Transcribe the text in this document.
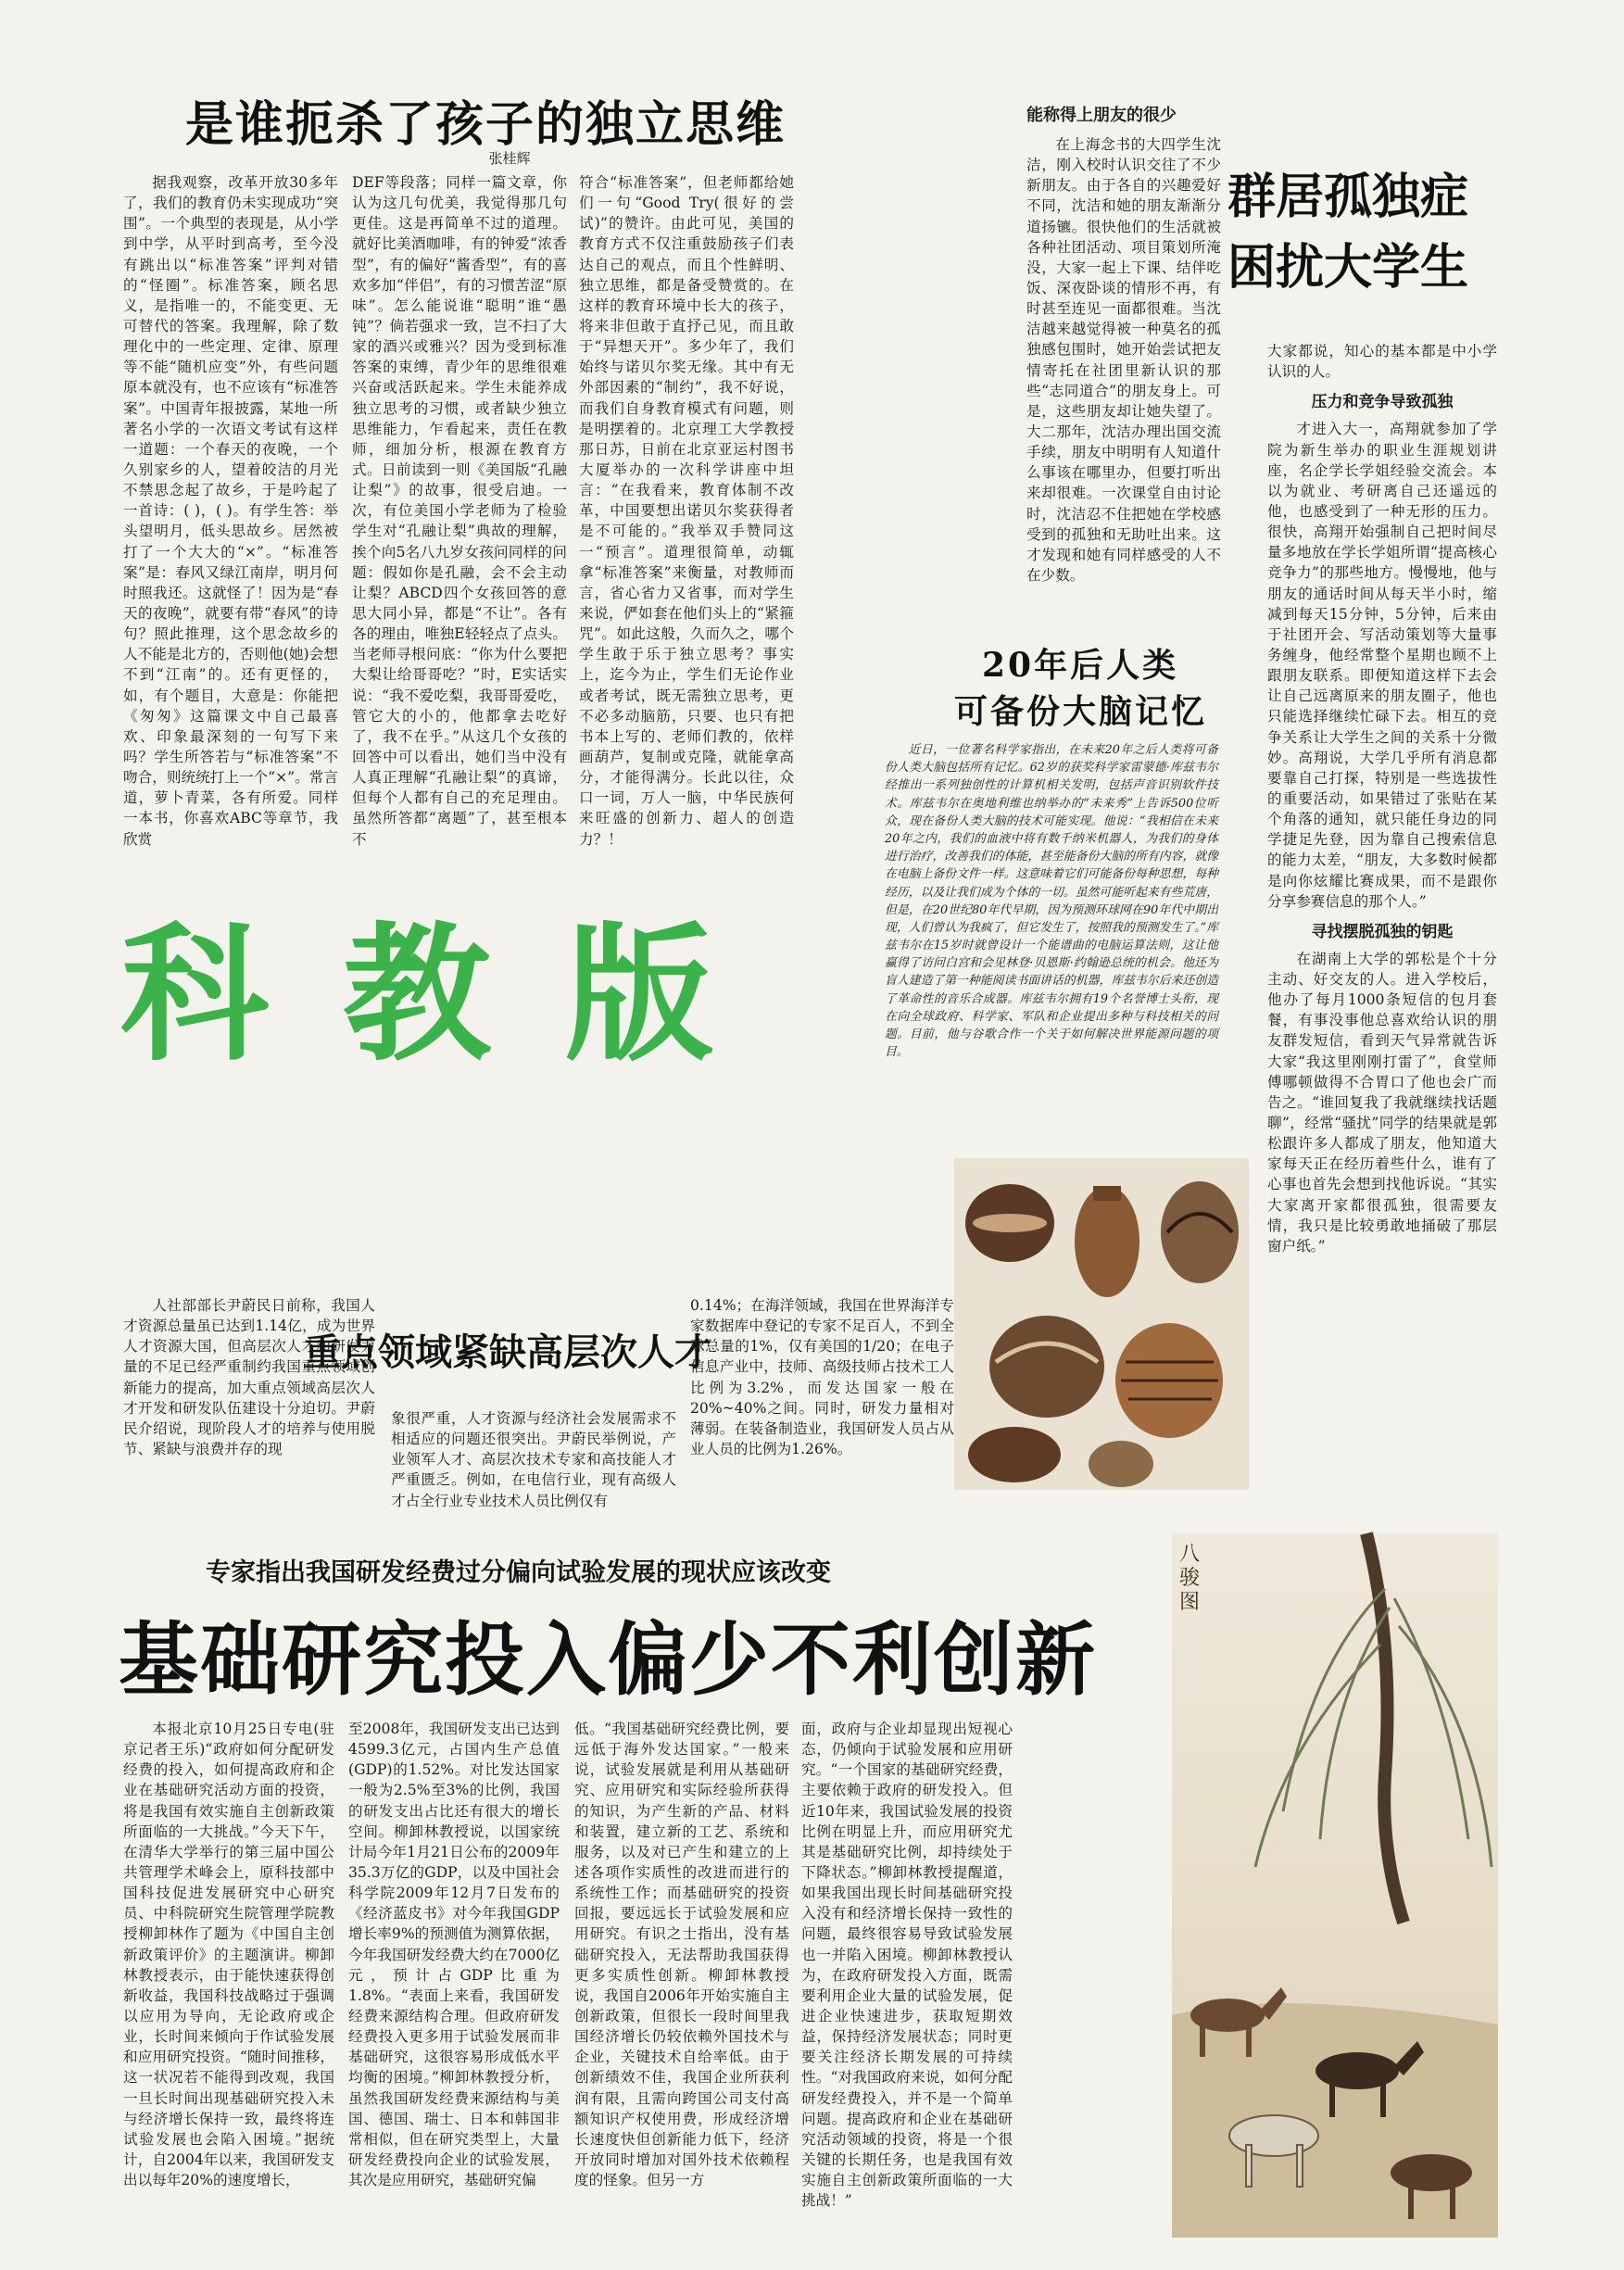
是谁扼杀了孩子的独立思维
张桂辉

据我观察，改革开放30多年了，我们的教育仍未实现成功“突围”。一个典型的表现是，从小学到中学，从平时到高考，至今没有跳出以“标准答案”评判对错的“怪圈”。标准答案，顾名思义，是指唯一的，不能变更、无可替代的答案。我理解，除了数理化中的一些定理、定律、原理等不能“随机应变”外，有些问题原本就没有，也不应该有“标准答案”。中国青年报披露，某地一所著名小学的一次语文考试有这样一道题：一个春天的夜晚，一个久别家乡的人，望着皎洁的月光不禁思念起了故乡，于是吟起了一首诗：( )，( )。有学生答：举头望明月，低头思故乡。居然被打了一个大大的“×”。“标准答案”是：春风又绿江南岸，明月何时照我还。这就怪了！因为是“春天的夜晚”，就要有带“春风”的诗句？照此推理，这个思念故乡的人不能是北方的，否则他(她)会想不到“江南”的。还有更怪的，如，有个题目，大意是：你能把《匆匆》这篇课文中自己最喜欢、印象最深刻的一句写下来吗？学生所答若与“标准答案”不吻合，则统统打上一个“×”。常言道，萝卜青菜，各有所爱。同样一本书，你喜欢ABC等章节，我欣赏

DEF等段落；同样一篇文章，你认为这几句优美，我觉得那几句更佳。这是再简单不过的道理。就好比美酒咖啡，有的钟爱“浓香型”，有的偏好“酱香型”，有的喜欢多加“伴侣”，有的习惯苦涩“原味”。怎么能说谁“聪明”谁“愚钝”？倘若强求一致，岂不扫了大家的酒兴或雅兴？因为受到标准答案的束缚，青少年的思维很难兴奋或活跃起来。学生未能养成独立思考的习惯，或者缺少独立思维能力，乍看起来，责任在教师，细加分析，根源在教育方式。日前读到一则《美国版“孔融让梨”》的故事，很受启迪。一次，有位美国小学老师为了检验学生对“孔融让梨”典故的理解，挨个向5名八九岁女孩问同样的问题：假如你是孔融，会不会主动让梨？ABCD四个女孩回答的意思大同小异，都是“不让”。各有各的理由，唯独E轻轻点了点头。当老师寻根问底：“你为什么要把大梨让给哥哥吃？”时，E实话实说：“我不爱吃梨，我哥哥爱吃，管它大的小的，他都拿去吃好了，我不在乎。”从这几个女孩的回答中可以看出，她们当中没有人真正理解“孔融让梨”的真谛，但每个人都有自己的充足理由。虽然所答都“离题”了，甚至根本不

符合“标准答案”，但老师都给她们一句“Good Try(很好的尝试)”的赞许。由此可见，美国的教育方式不仅注重鼓励孩子们表达自己的观点，而且个性鲜明、独立思维，都是备受赞赏的。在这样的教育环境中长大的孩子，将来非但敢于直抒己见，而且敢于“异想天开”。多少年了，我们始终与诺贝尔奖无缘。其中有无外部因素的“制约”，我不好说，而我们自身教育模式有问题，则是明摆着的。北京理工大学教授那日苏，日前在北京亚运村图书大厦举办的一次科学讲座中坦言：“在我看来，教育体制不改革，中国要想出诺贝尔奖获得者是不可能的。”我举双手赞同这一“预言”。道理很简单，动辄拿“标准答案”来衡量，对教师而言，省心省力又省事，而对学生来说，俨如套在他们头上的“紧箍咒”。如此这般，久而久之，哪个学生敢于乐于独立思考？事实上，迄今为止，学生们无论作业或者考试，既无需独立思考，更不必多动脑筋，只要、也只有把书本上写的、老师们教的，依样画葫芦，复制或克隆，就能拿高分，才能得满分。长此以往，众口一词，万人一脑，中华民族何来旺盛的创新力、超人的创造力？！

能称得上朋友的很少
群居孤独症
困扰大学生

在上海念书的大四学生沈洁，刚入校时认识交往了不少新朋友。由于各自的兴趣爱好不同，沈洁和她的朋友渐渐分道扬镳。很快他们的生活就被各种社团活动、项目策划所淹没，大家一起上下课、结伴吃饭、深夜卧谈的情形不再，有时甚至连见一面都很难。当沈洁越来越觉得被一种莫名的孤独感包围时，她开始尝试把友情寄托在社团里新认识的那些“志同道合”的朋友身上。可是，这些朋友却让她失望了。大二那年，沈洁办理出国交流手续，朋友中明明有人知道什么事该在哪里办，但要打听出来却很难。一次课堂自由讨论时，沈洁忍不住把她在学校感受到的孤独和无助吐出来。这才发现和她有同样感受的人不在少数。

大家都说，知心的基本都是中小学认识的人。

压力和竞争导致孤独

才进入大一，高翔就参加了学院为新生举办的职业生涯规划讲座，名企学长学姐经验交流会。本以为就业、考研离自己还遥远的他，也感受到了一种无形的压力。很快，高翔开始强制自己把时间尽量多地放在学长学姐所谓“提高核心竞争力”的那些地方。慢慢地，他与朋友的通话时间从每天半小时，缩减到每天15分钟，5分钟，后来由于社团开会、写活动策划等大量事务缠身，他经常整个星期也顾不上跟朋友联系。即便知道这样下去会让自己远离原来的朋友圈子，他也只能选择继续忙碌下去。相互的竞争关系让大学生之间的关系十分微妙。高翔说，大学几乎所有消息都要靠自己打探，特别是一些选拔性的重要活动，如果错过了张贴在某个角落的通知，就只能任身边的同学捷足先登，因为靠自己搜索信息的能力太差，“朋友，大多数时候都是向你炫耀比赛成果，而不是跟你分享参赛信息的那个人。”

寻找摆脱孤独的钥匙

在湖南上大学的郭松是个十分主动、好交友的人。进入学校后，他办了每月1000条短信的包月套餐，有事没事他总喜欢给认识的朋友群发短信，看到天气异常就告诉大家“我这里刚刚打雷了”，食堂师傅哪顿做得不合胃口了他也会广而告之。“谁回复我了我就继续找话题聊”，经常“骚扰”同学的结果就是郭松跟许多人都成了朋友，他知道大家每天正在经历着些什么，谁有了心事也首先会想到找他诉说。“其实大家离开家都很孤独，很需要友情，我只是比较勇敢地捅破了那层窗户纸。”

20年后人类
可备份大脑记忆

近日，一位著名科学家指出，在未来20年之后人类将可备份人类大脑包括所有记忆。62岁的获奖科学家雷蒙德·库兹韦尔经推出一系列独创性的计算机相关发明，包括声音识别软件技术。库兹韦尔在奥地利维也纳举办的“未来秀”上告诉500位听众，现在备份人类大脑的技术可能实现。他说：“我相信在未来20年之内，我们的血液中将有数千纳米机器人，为我们的身体进行治疗，改善我们的体能，甚至能备份大脑的所有内容，就像在电脑上备份文件一样。这意味着它们可能备份每种思想，每种经历，以及让我们成为个体的一切。虽然可能听起来有些荒唐，但是，在20世纪80年代早期，因为预测环球网在90年代中期出现，人们曾认为我疯了，但它发生了，按照我的预测发生了。”库兹韦尔在15岁时就曾设计一个能谱曲的电脑运算法则，这让他赢得了访问白宫和会见林登·贝恩斯·约翰逊总统的机会。他还为盲人建造了第一种能阅读书面讲话的机器，库兹韦尔后来还创造了革命性的音乐合成器。库兹韦尔拥有19个名誉博士头衔，现在向全球政府、科学家、军队和企业提出多种与科技相关的问题。目前，他与谷歌合作一个关于如何解决世界能源问题的项目。

科教版
重点领域紧缺高层次人才

人社部部长尹蔚民日前称，我国人才资源总量虽已达到1.14亿，成为世界人才资源大国，但高层次人才和研发力量的不足已经严重制约我国重点领域创新能力的提高，加大重点领域高层次人才开发和研发队伍建设十分迫切。尹蔚民介绍说，现阶段人才的培养与使用脱节、紧缺与浪费并存的现

象很严重，人才资源与经济社会发展需求不相适应的问题还很突出。尹蔚民举例说，产业领军人才、高层次技术专家和高技能人才严重匮乏。例如，在电信行业，现有高级人才占全行业专业技术人员比例仅有

0.14%；在海洋领域，我国在世界海洋专家数据库中登记的专家不足百人，不到全球总量的1%，仅有美国的1/20；在电子信息产业中，技师、高级技师占技术工人比例为3.2%，而发达国家一般在20%~40%之间。同时，研发力量相对薄弱。在装备制造业，我国研发人员占从业人员的比例为1.26%。

专家指出我国研发经费过分偏向试验发展的现状应该改变
基础研究投入偏少不利创新

本报北京10月25日专电(驻京记者王乐)“政府如何分配研发经费的投入，如何提高政府和企业在基础研究活动方面的投资，将是我国有效实施自主创新政策所面临的一大挑战。”今天下午，在清华大学举行的第三届中国公共管理学术峰会上，原科技部中国科技促进发展研究中心研究员、中科院研究生院管理学院教授柳卸林作了题为《中国自主创新政策评价》的主题演讲。柳卸林教授表示，由于能快速获得创新收益，我国科技战略过于强调以应用为导向，无论政府或企业，长时间来倾向于作试验发展和应用研究投资。“随时间推移，这一状况若不能得到改观，我国一旦长时间出现基础研究投入未与经济增长保持一致，最终将连试验发展也会陷入困境。”据统计，自2004年以来，我国研发支出以每年20%的速度增长，

至2008年，我国研发支出已达到4599.3亿元，占国内生产总值(GDP)的1.52%。对比发达国家一般为2.5%至3%的比例，我国的研发支出占比还有很大的增长空间。柳卸林教授说，以国家统计局今年1月21日公布的2009年35.3万亿的GDP，以及中国社会科学院2009年12月7日发布的《经济蓝皮书》对今年我国GDP增长率9%的预测值为测算依据，今年我国研发经费大约在7000亿元，预计占GDP比重为1.8%。“表面上来看，我国研发经费来源结构合理。但政府研发经费投入更多用于试验发展而非基础研究，这很容易形成低水平均衡的困境。”柳卸林教授分析，虽然我国研发经费来源结构与美国、德国、瑞士、日本和韩国非常相似，但在研究类型上，大量研发经费投向企业的试验发展，其次是应用研究，基础研究偏

低。“我国基础研究经费比例，要远低于海外发达国家。”一般来说，试验发展就是利用从基础研究、应用研究和实际经验所获得的知识，为产生新的产品、材料和装置，建立新的工艺、系统和服务，以及对已产生和建立的上述各项作实质性的改进而进行的系统性工作；而基础研究的投资回报，要远远长于试验发展和应用研究。有识之士指出，没有基础研究投入，无法帮助我国获得更多实质性创新。柳卸林教授说，我国自2006年开始实施自主创新政策，但很长一段时间里我国经济增长仍较依赖外国技术与企业，关键技术自给率低。由于创新绩效不佳，我国企业所获利润有限，且需向跨国公司支付高额知识产权使用费，形成经济增长速度快但创新能力低下，经济开放同时增加对国外技术依赖程度的怪象。但另一方

面，政府与企业却显现出短视心态，仍倾向于试验发展和应用研究。“一个国家的基础研究经费，主要依赖于政府的研发投入。但近10年来，我国试验发展的投资比例在明显上升，而应用研究尤其是基础研究比例，却持续处于下降状态。”柳卸林教授提醒道，如果我国出现长时间基础研究投入没有和经济增长保持一致性的问题，最终很容易导致试验发展也一并陷入困境。柳卸林教授认为，在政府研发投入方面，既需要利用企业大量的试验发展，促进企业快速进步，获取短期效益，保持经济发展状态；同时更要关注经济长期发展的可持续性。“对我国政府来说，如何分配研发经费投入，并不是一个简单问题。提高政府和企业在基础研究活动领域的投资，将是一个很关键的长期任务，也是我国有效实施自主创新政策所面临的一大挑战！”

八骏图
